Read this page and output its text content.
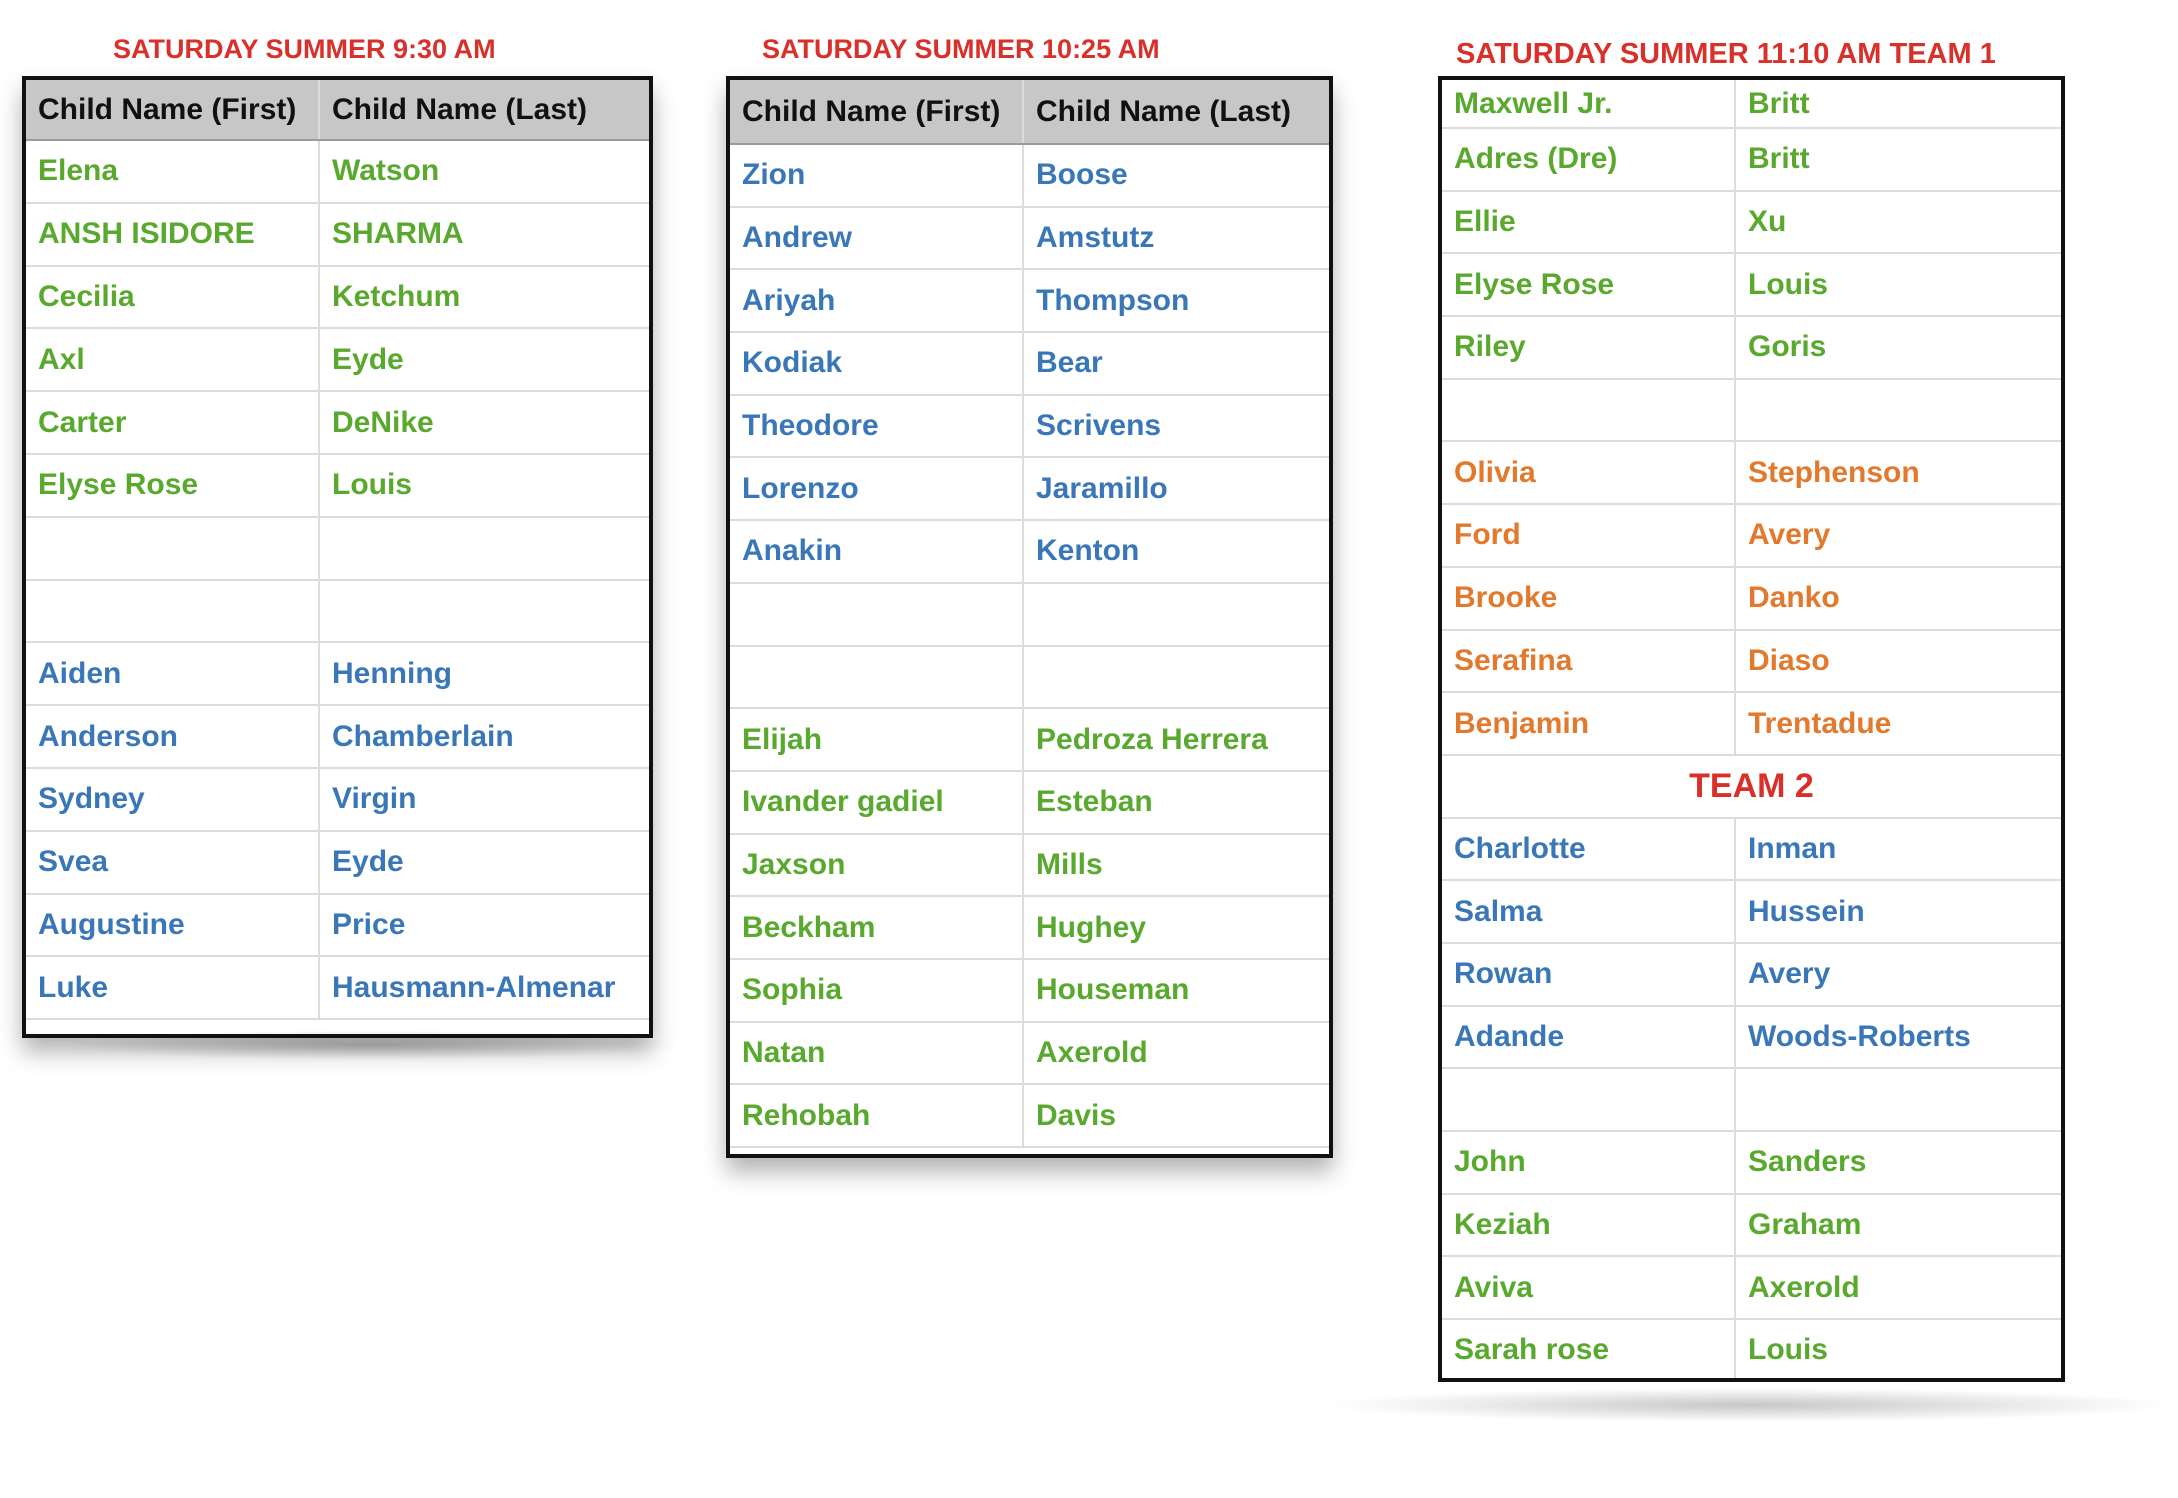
SATURDAY SUMMER 9:30 AM
Child Name (First)	Child Name (Last)
Elena	Watson
ANSH ISIDORE	SHARMA
Cecilia	Ketchum
Axl	Eyde
Carter	DeNike
Elyse Rose	Louis

Aiden	Henning
Anderson	Chamberlain
Sydney	Virgin
Svea	Eyde
Augustine	Price
Luke	Hausmann-Almenar
SATURDAY SUMMER 10:25 AM
Child Name (First)	Child Name (Last)
Zion	Boose
Andrew	Amstutz
Ariyah	Thompson
Kodiak	Bear
Theodore	Scrivens
Lorenzo	Jaramillo
Anakin	Kenton

Elijah	Pedroza Herrera
Ivander gadiel	Esteban
Jaxson	Mills
Beckham	Hughey
Sophia	Houseman
Natan	Axerold
Rehobah	Davis
SATURDAY SUMMER 11:10 AM TEAM 1
Maxwell Jr.	Britt
Adres (Dre)	Britt
Ellie	Xu
Elyse Rose	Louis
Riley	Goris

Olivia	Stephenson
Ford	Avery
Brooke	Danko
Serafina	Diaso
Benjamin	Trentadue
TEAM 2	
Charlotte	Inman
Salma	Hussein
Rowan	Avery
Adande	Woods-Roberts

John	Sanders
Keziah	Graham
Aviva	Axerold
Sarah rose	Louis
